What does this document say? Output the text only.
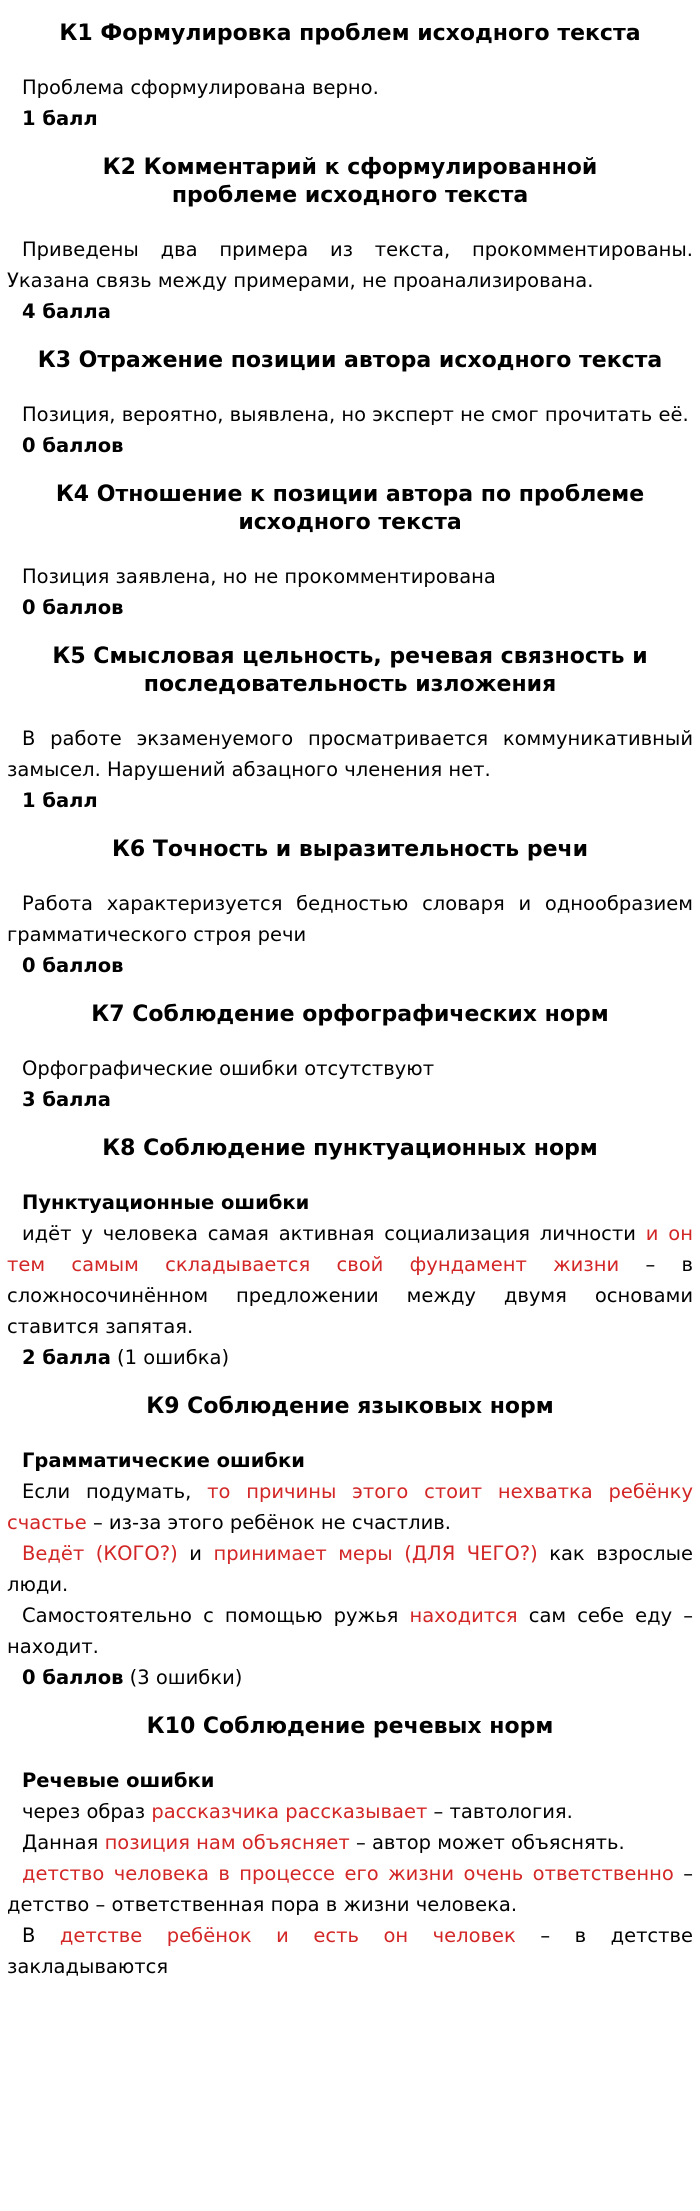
К1 Формулировка проблем исходного текста

Проблема сформулирована верно.

1 балл

К2 Комментарий к сформулированной проблеме исходного текста

Приведены два примера из текста, прокомментированы. Указана связь между примерами, не проанализирована.

4 балла

К3 Отражение позиции автора исходного текста

Позиция, вероятно, выявлена, но эксперт не смог прочитать её.

0 баллов

К4 Отношение к позиции автора по проблеме исходного текста

Позиция заявлена, но не прокомментирована

0 баллов

К5 Смысловая цельность, речевая связность и последовательность изложения

В работе экзаменуемого просматривается коммуникативный замысел. Нарушений абзацного членения нет.

1 балл

К6 Точность и выразительность речи

Работа характеризуется бедностью словаря и однообразием грамматического строя речи

0 баллов

К7 Соблюдение орфографических норм

Орфографические ошибки отсутствуют

3 балла

К8 Соблюдение пунктуационных норм

Пунктуационные ошибки

идёт у человека самая активная социализация личности и он тем самым складывается свой фундамент жизни – в сложносочинённом предложении между двумя основами ставится запятая.

2 балла (1 ошибка)

К9 Соблюдение языковых норм

Грамматические ошибки

Если подумать, то причины этого стоит нехватка ребёнку счастье – из-за этого ребёнок не счастлив.

Ведёт (КОГО?) и принимает меры (ДЛЯ ЧЕГО?) как взрослые люди.

Самостоятельно с помощью ружья находится сам себе еду – находит.

0 баллов (3 ошибки)

К10 Соблюдение речевых норм

Речевые ошибки

через образ рассказчика рассказывает – тавтология.

Данная позиция нам объясняет – автор может объяснять.

детство человека в процессе его жизни очень ответственно – детство – ответственная пора в жизни человека.

В детстве ребёнок и есть он человек – в детстве закладываются
